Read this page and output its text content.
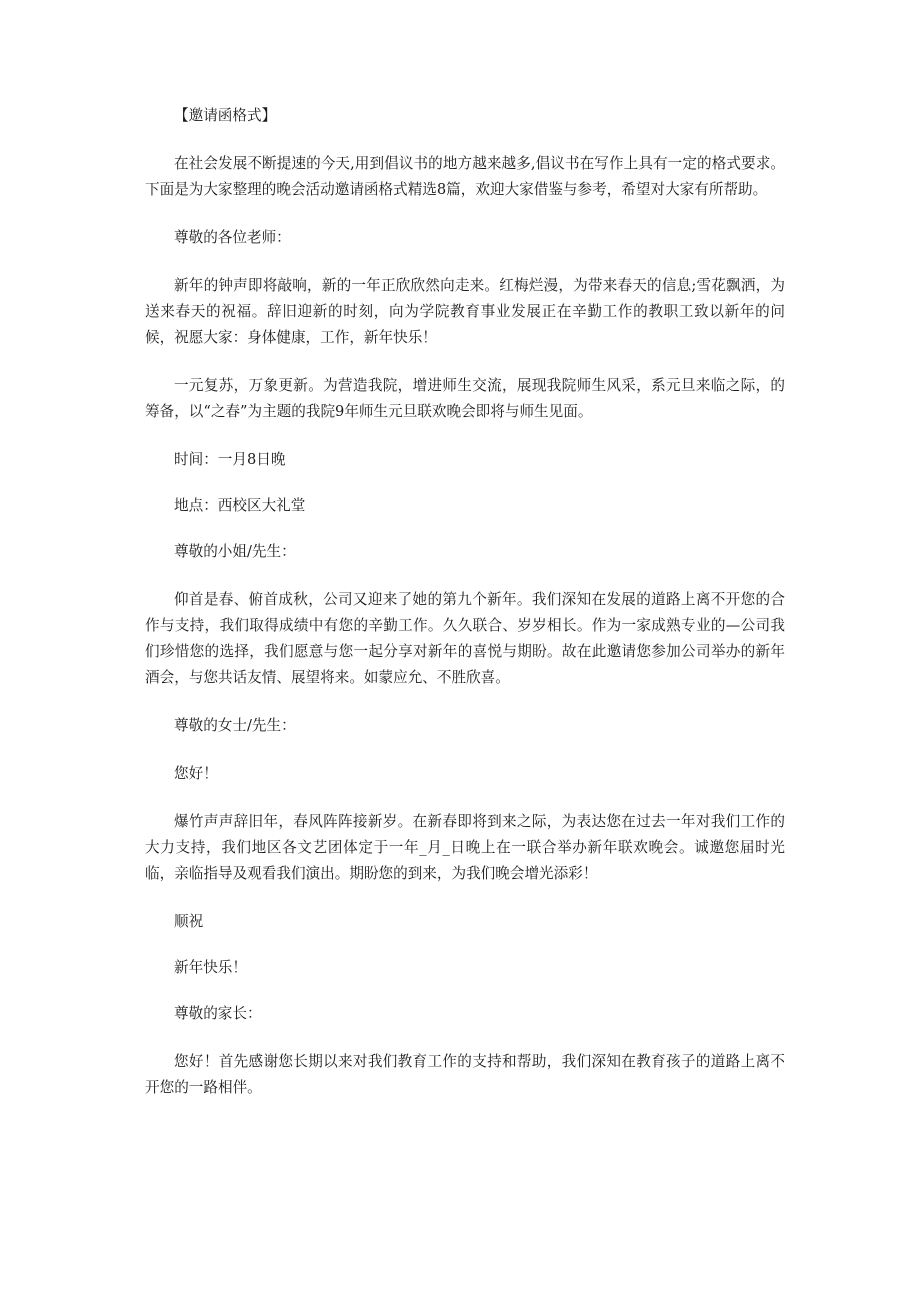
【邀请函格式】

在社会发展不断提速的今天,用到倡议书的地方越来越多,倡议书在写作上具有一定的格式要求。下面是为大家整理的晚会活动邀请函格式精选8篇，欢迎大家借鉴与参考，希望对大家有所帮助。

尊敬的各位老师：

新年的钟声即将敲响，新的一年正欣欣然向走来。红梅烂漫，为带来春天的信息;雪花飘洒，为送来春天的祝福。辞旧迎新的时刻，向为学院教育事业发展正在辛勤工作的教职工致以新年的问候，祝愿大家：身体健康，工作，新年快乐！

一元复苏，万象更新。为营造我院，增进师生交流，展现我院师生风采，系元旦来临之际，的筹备，以“之春”为主题的我院9年师生元旦联欢晚会即将与师生见面。

时间：一月8日晚

地点：西校区大礼堂

尊敬的小姐/先生：

仰首是春、俯首成秋，公司又迎来了她的第九个新年。我们深知在发展的道路上离不开您的合作与支持，我们取得成绩中有您的辛勤工作。久久联合、岁岁相长。作为一家成熟专业的—公司我们珍惜您的选择，我们愿意与您一起分享对新年的喜悦与期盼。故在此邀请您参加公司举办的新年酒会，与您共话友情、展望将来。如蒙应允、不胜欣喜。

尊敬的女士/先生：

您好！

爆竹声声辞旧年，春风阵阵接新岁。在新春即将到来之际，为表达您在过去一年对我们工作的大力支持，我们地区各文艺团体定于一年_月_日晚上在一联合举办新年联欢晚会。诚邀您届时光临，亲临指导及观看我们演出。期盼您的到来，为我们晚会增光添彩！

顺祝

新年快乐！

尊敬的家长：

您好！首先感谢您长期以来对我们教育工作的支持和帮助，我们深知在教育孩子的道路上离不开您的一路相伴。
